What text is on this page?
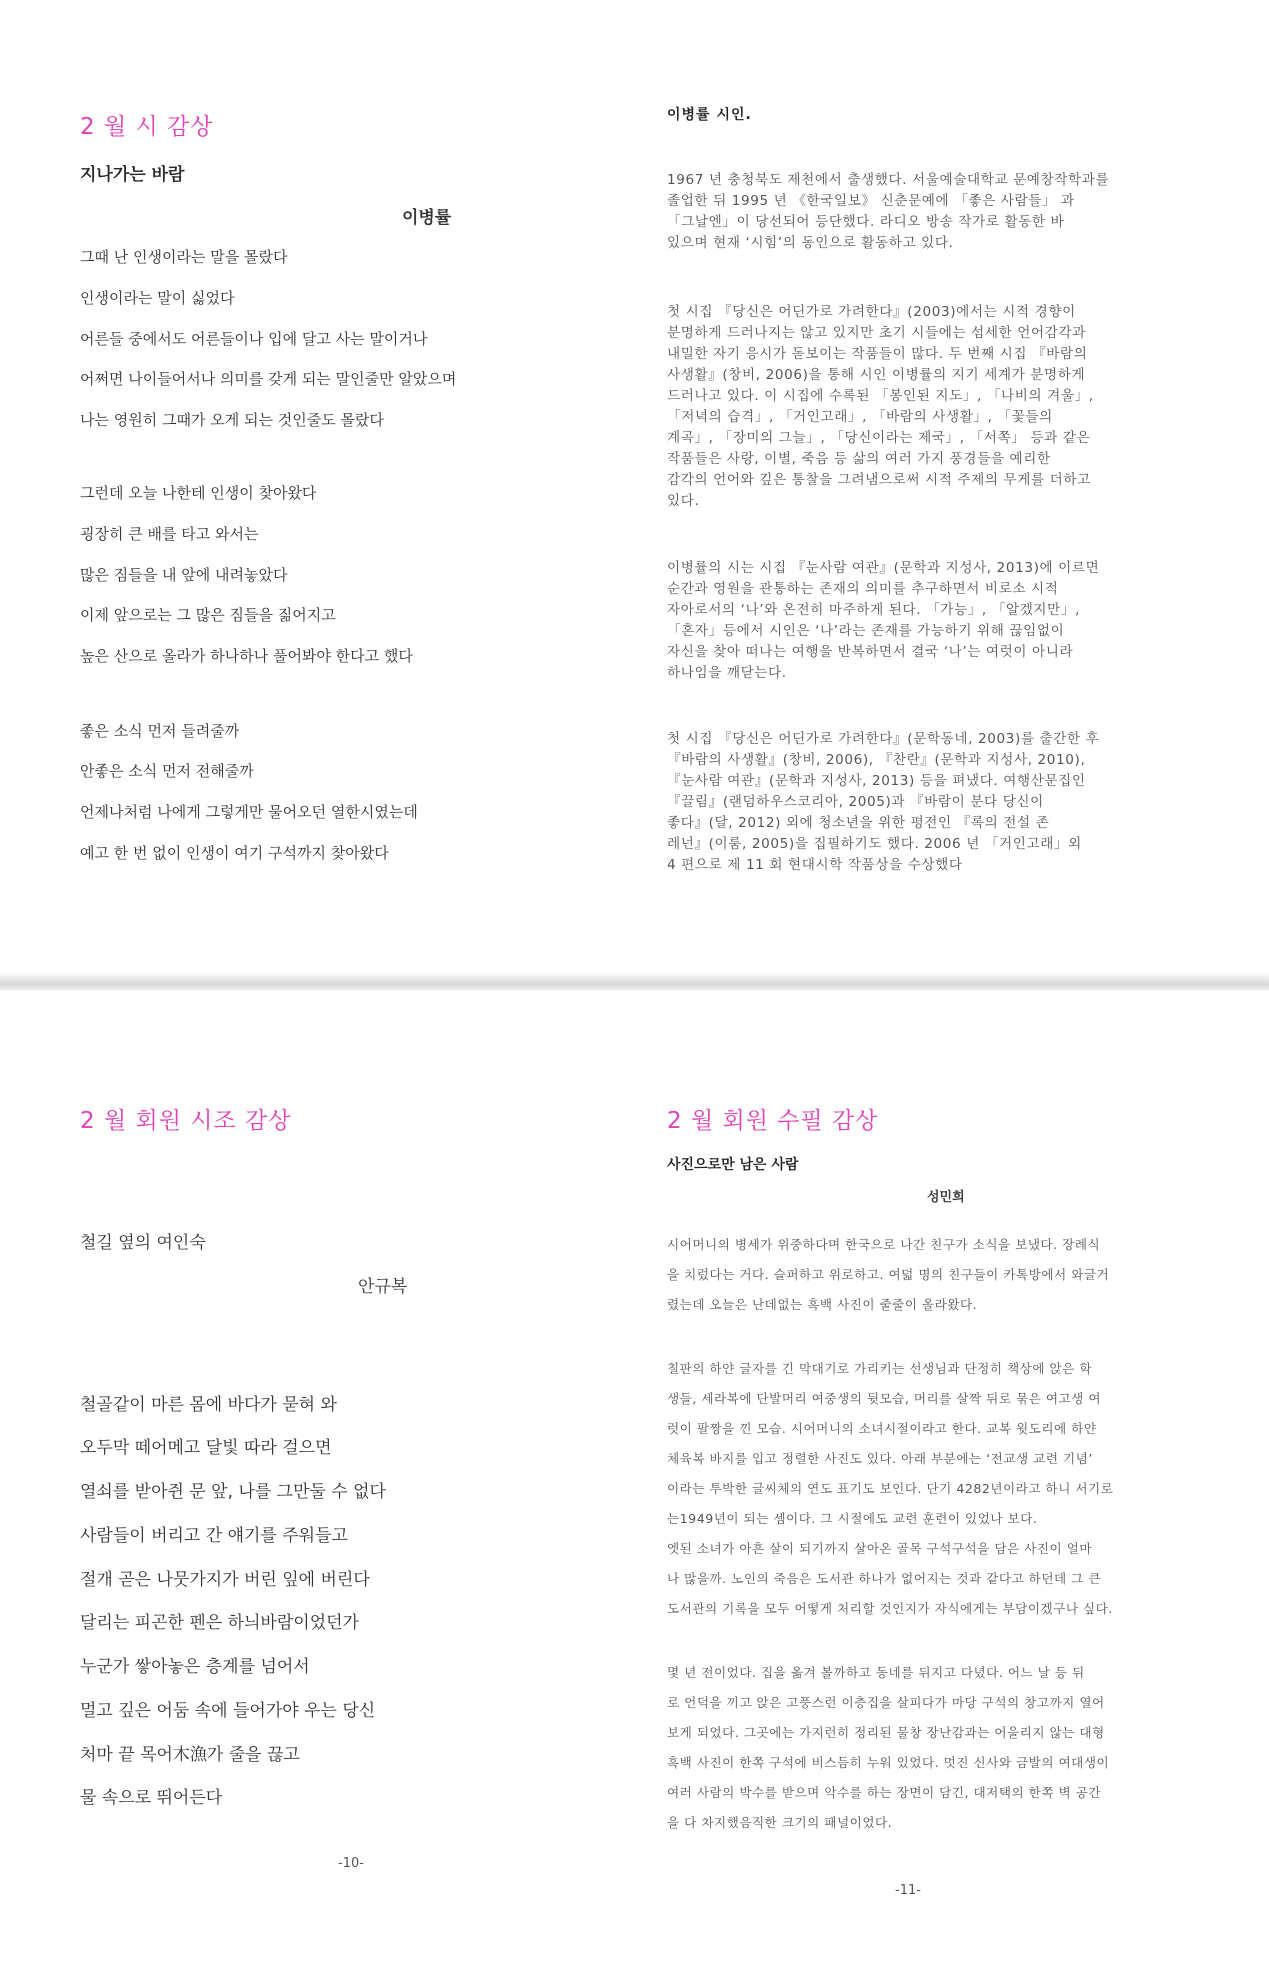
2 월 시 감상
지나가는 바람
이병률
그때 난 인생이라는 말을 몰랐다
인생이라는 말이 싫었다
어른들 중에서도 어른들이나 입에 달고 사는 말이거나
어쩌면 나이들어서나 의미를 갖게 되는 말인줄만 알았으며
나는 영원히 그때가 오게 되는 것인줄도 몰랐다
그런데 오늘 나한테 인생이 찾아왔다
굉장히 큰 배를 타고 와서는
많은 짐들을 내 앞에 내려놓았다
이제 앞으로는 그 많은 짐들을 짊어지고
높은 산으로 올라가 하나하나 풀어봐야 한다고 했다
좋은 소식 먼저 들려줄까
안좋은 소식 먼저 전해줄까
언제나처럼 나에게 그렇게만 물어오던 열한시였는데
예고 한 번 없이 인생이 여기 구석까지 찾아왔다
이병률 시인.
1967 년 충청북도 제천에서 출생했다. 서울예술대학교 문예창작학과를
졸업한 뒤 1995 년 《한국일보》 신춘문예에 「좋은 사람들」 과
「그날엔」이 당선되어 등단했다. 라디오 방송 작가로 활동한 바
있으며 현재 ‘시힘’의 동인으로 활동하고 있다.
첫 시집 『당신은 어딘가로 가려한다』(2003)에서는 시적 경향이
분명하게 드러나지는 않고 있지만 초기 시들에는 섬세한 언어감각과
내밀한 자기 응시가 돋보이는 작품들이 많다. 두 번째 시집 『바람의
사생활』(창비, 2006)을 통해 시인 이병률의 지기 세계가 분명하게
드러나고 있다. 이 시집에 수록된 「봉인된 지도」, 「나비의 겨울」,
「저녁의 습격」, 「거인고래」, 「바람의 사생활」, 「꽃들의
계곡」, 「장미의 그늘」, 「당신이라는 제국」, 「서쪽」 등과 같은
작품들은 사랑, 이별, 죽음 등 삶의 여러 가지 풍경들을 예리한
감각의 언어와 깊은 통찰을 그려냄으로써 시적 주제의 무게를 더하고
있다.
이병률의 시는 시집 『눈사람 여관』(문학과 지성사, 2013)에 이르면
순간과 영원을 관통하는 존재의 의미를 추구하면서 비로소 시적
자아로서의 ‘나’와 온전히 마주하게 된다. 「가능」, 「알겠지만」,
「혼자」등에서 시인은 ‘나’라는 존재를 가능하기 위해 끊임없이
자신을 찾아 떠나는 여행을 반복하면서 결국 ‘나’는 여럿이 아니라
하나임을 깨닫는다.
첫 시집 『당신은 어딘가로 가려한다』(문학동네, 2003)를 출간한 후
『바람의 사생활』(창비, 2006), 『찬란』(문학과 지성사, 2010),
『눈사람 여관』(문학과 지성사, 2013) 등을 펴냈다. 여행산문집인
『끌림』(랜덤하우스코리아, 2005)과 『바람이 분다 당신이
좋다』(달, 2012) 외에 청소년을 위한 평전인 『록의 전설 존
레넌』(이룸, 2005)을 집필하기도 했다. 2006 년 「거인고래」외
4 편으로 제 11 회 현대시학 작품상을 수상했다
2 월 회원 시조 감상
철길 옆의 여인숙
안규복
철골같이 마른 몸에 바다가 묻혀 와
오두막 떼어메고 달빛 따라 걸으면
열쇠를 받아쥔 문 앞, 나를 그만둘 수 없다
사람들이 버리고 간 얘기를 주워들고
절개 곧은 나뭇가지가 버린 잎에 버린다
달리는 피곤한 펜은 하늬바람이었던가
누군가 쌓아놓은 층계를 넘어서
멀고 깊은 어둠 속에 들어가야 우는 당신
처마 끝 목어木漁가 줄을 끊고
물 속으로 뛰어든다
-10-
2 월 회원 수필 감상
사진으로만 남은 사람
성민희
시어머니의 병세가 위중하다며 한국으로 나간 친구가 소식을 보냈다. 장례식
을 치렀다는 거다. 슬퍼하고 위로하고. 여덟 명의 친구들이 카톡방에서 와글거
렸는데 오늘은 난데없는 흑백 사진이 줄줄이 올라왔다.
칠판의 하얀 글자를 긴 막대기로 가리키는 선생님과 단정히 책상에 앉은 학
생들, 세라복에 단발머리 여중생의 뒷모습, 머리를 살짝 뒤로 묶은 여고생 여
럿이 팔짱을 낀 모습. 시어머니의 소녀시절이라고 한다. 교복 윗도리에 하얀
체육복 바지를 입고 정렬한 사진도 있다. 아래 부분에는 ‘전교생 교련 기념’
이라는 투박한 글씨체의 연도 표기도 보인다. 단기 4282년이라고 하니 서기로
는1949년이 되는 셈이다. 그 시절에도 교련 훈련이 있었나 보다.
엣된 소녀가 아흔 살이 되기까지 살아온 골목 구석구석을 담은 사진이 얼마
나 많을까. 노인의 죽음은 도서관 하나가 없어지는 것과 같다고 하던데 그 큰
도서관의 기록을 모두 어떻게 처리할 것인지가 자식에게는 부담이겠구나 싶다.
몇 년 전이었다. 집을 옮겨 볼까하고 동네를 뒤지고 다녔다. 어느 날 등 뒤
로 언덕을 끼고 앉은 고풍스런 이층집을 살피다가 마당 구석의 창고까지 열어
보게 되었다. 그곳에는 가지런히 정리된 물창 장난감과는 어울리지 않는 대형
흑백 사진이 한쪽 구석에 비스듬히 누워 있었다. 멋진 신사와 금발의 여대생이
여러 사람의 박수를 받으며 악수를 하는 장면이 담긴, 대저택의 한쪽 벽 공간
을 다 차지했음직한 크기의 패널이었다.
-11-
